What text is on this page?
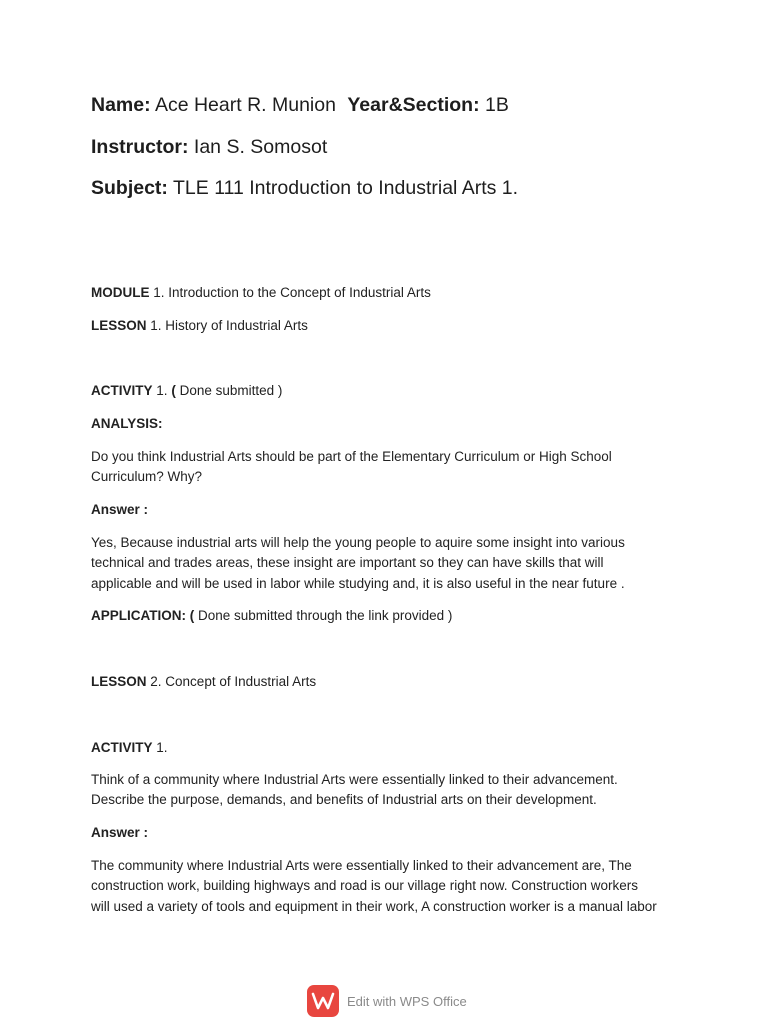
Name: Ace Heart R. Munion Year&Section: 1B
Instructor: Ian S. Somosot
Subject: TLE 111 Introduction to Industrial Arts 1.
MODULE 1. Introduction to the Concept of Industrial Arts
LESSON 1. History of Industrial Arts
ACTIVITY 1. ( Done submitted )
ANALYSIS:

Do you think Industrial Arts should be part of the Elementary Curriculum or High School

Curriculum? Why?

Answer :

Yes, Because industrial arts will help the young people to aquire some insight into various

technical and trades areas, these insight are important so they can have skills that will

applicable and will be used in labor while studying and, it is also useful in the near future .

APPLICATION: ( Done submitted through the link provided )
LESSON 2. Concept of Industrial Arts
ACTIVITY 1.

Think of a community where Industrial Arts were essentially linked to their advancement.

Describe the purpose, demands, and benefits of Industrial arts on their development.

Answer :

The community where Industrial Arts were essentially linked to their advancement are, The

construction work, building highways and road is our village right now. Construction workers

will used a variety of tools and equipment in their work, A construction worker is a manual labor

Edit with WPS Office
